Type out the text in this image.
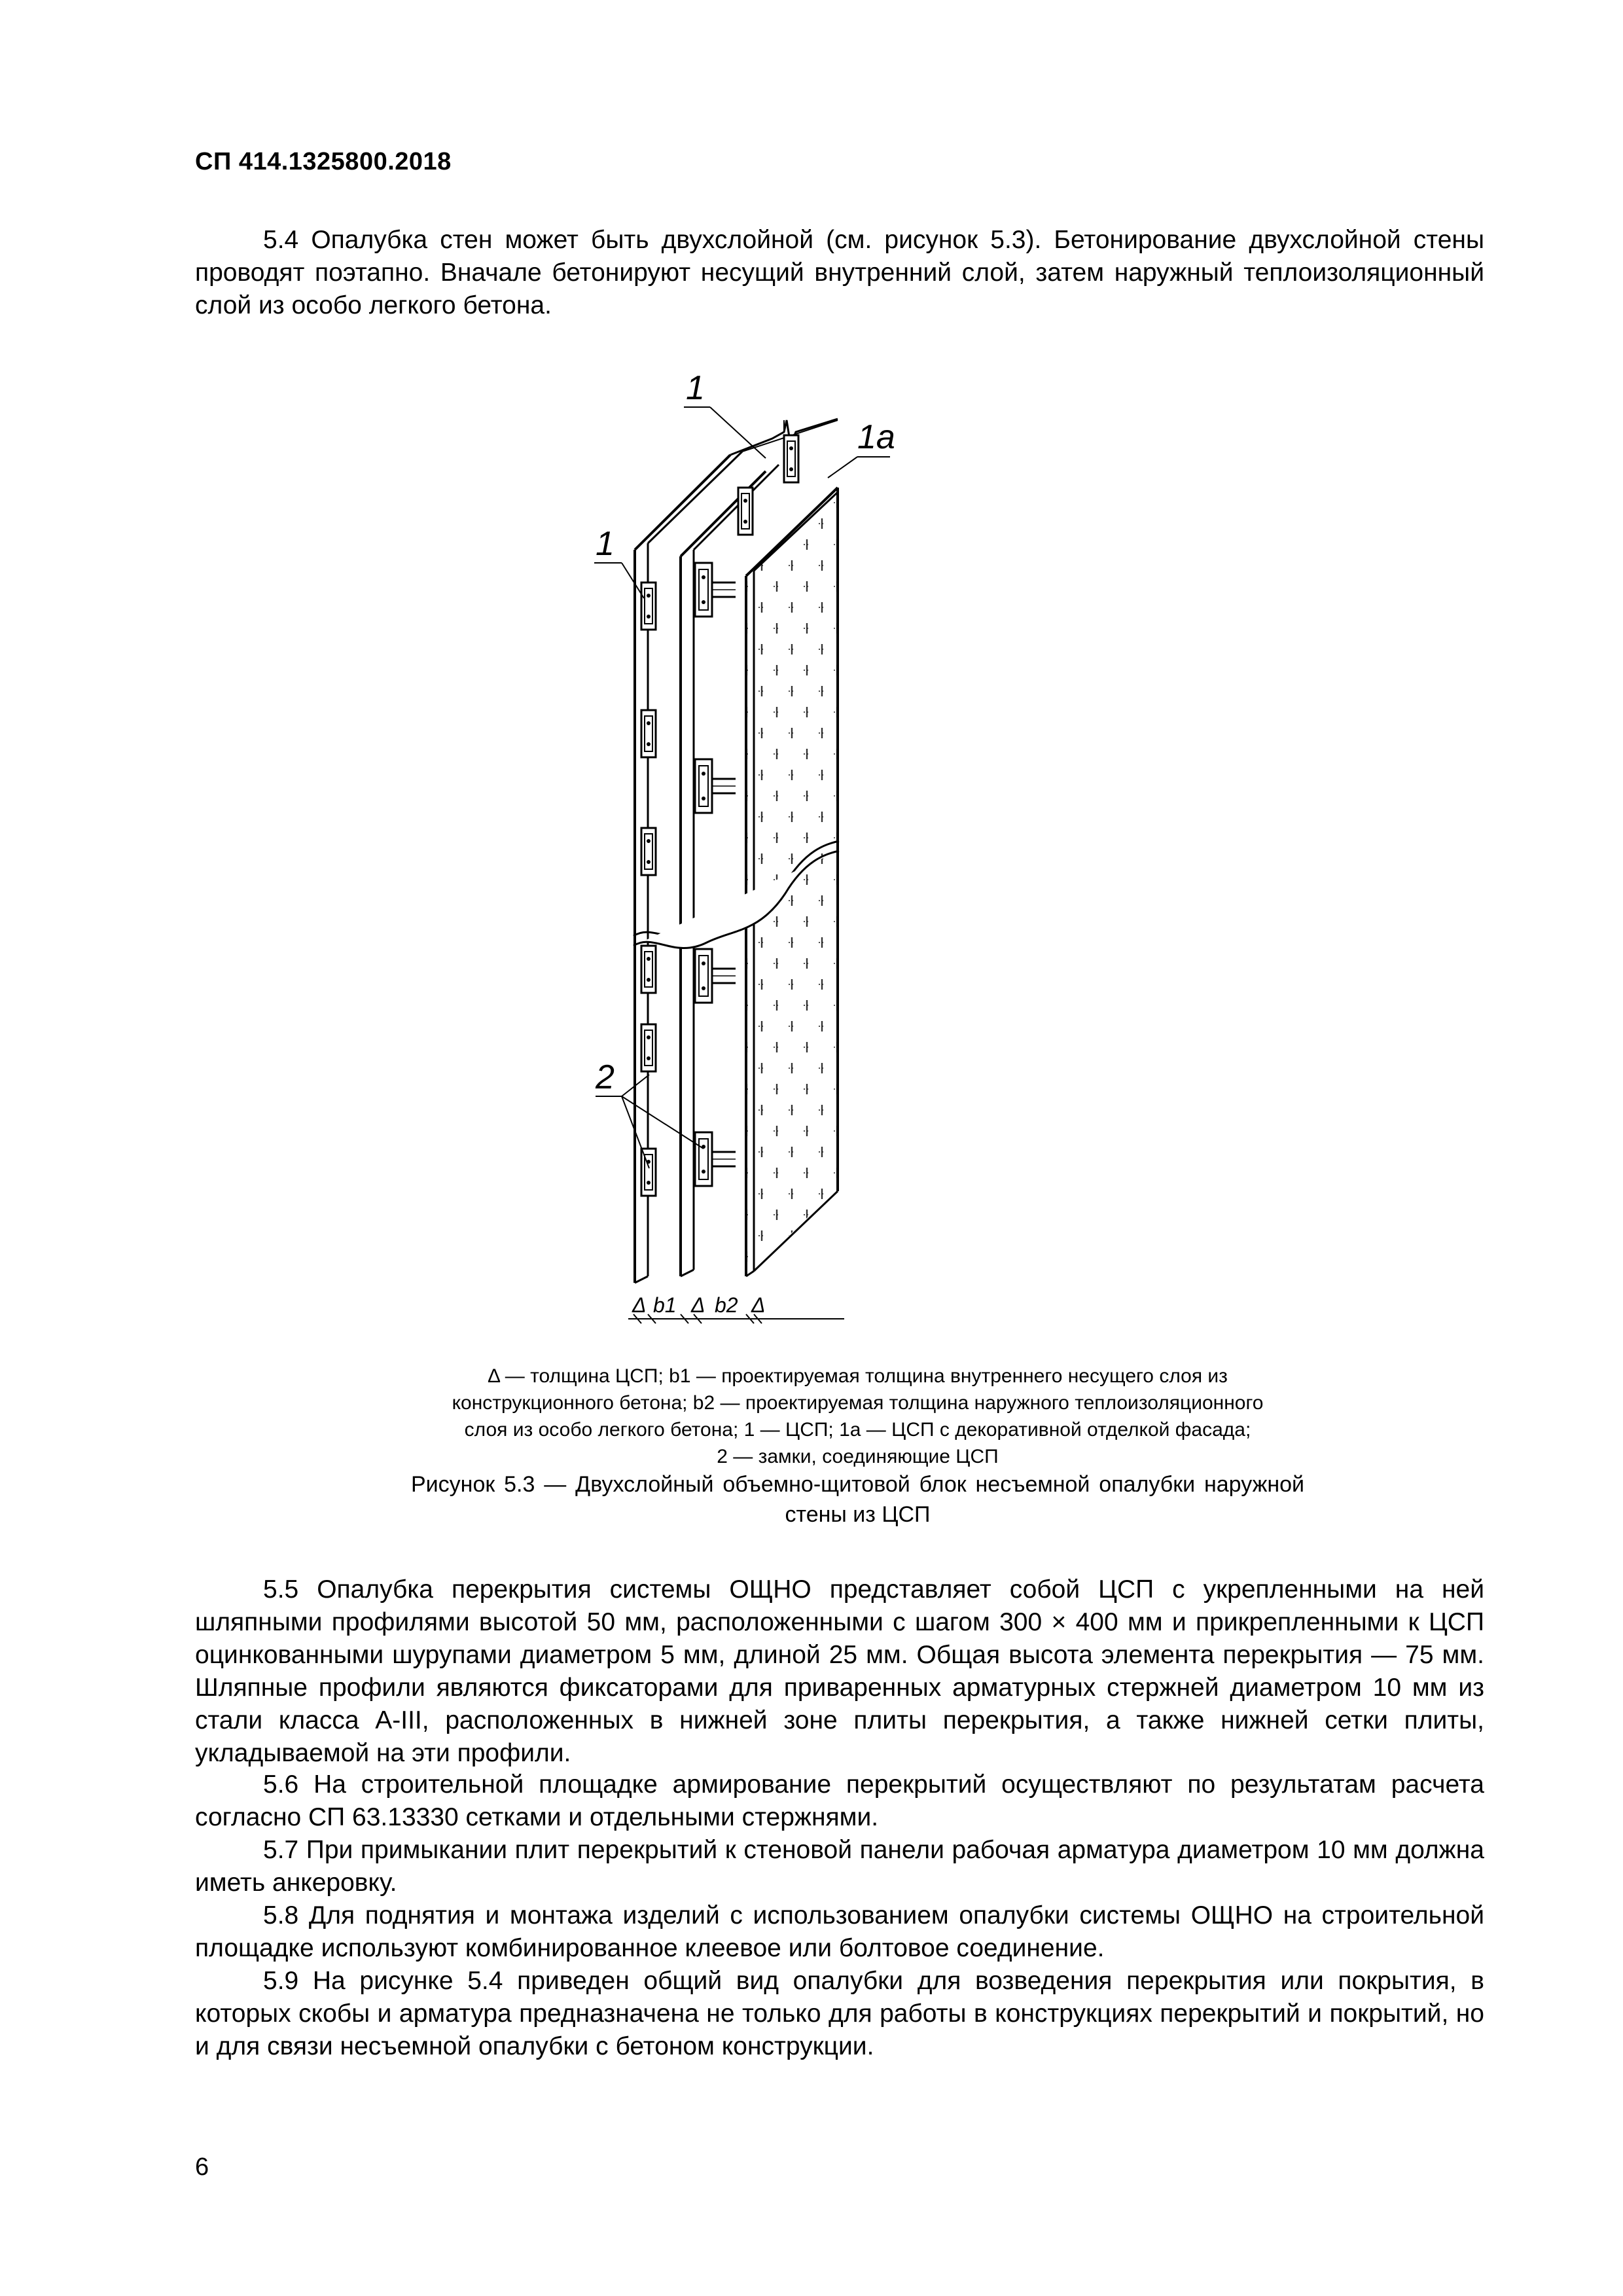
СП 414.1325800.2018

5.4 Опалубка стен может быть двухслойной (см. рисунок 5.3). Бетонирование двухслойной стены проводят поэтапно. Вначале бетонируют несущий внутренний слой, затем наружный теплоизоляционный слой из особо легкого бетона.

1
1а
1
2
Δ b1 Δ b2 Δ
Δ — толщина ЦСП; b1 — проектируемая толщина внутреннего несущего слоя из
конструкционного бетона; b2 — проектируемая толщина наружного теплоизоляционного
слоя из особо легкого бетона; 1 — ЦСП; 1а — ЦСП с декоративной отделкой фасада;
2 — замки, соединяющие ЦСП
Рисунок 5.3 — Двухслойный объемно-щитовой блок несъемной опалубки наружной стены из ЦСП

5.5 Опалубка перекрытия системы ОЩНО представляет собой ЦСП с укрепленными на ней шляпными профилями высотой 50 мм, расположенными с шагом 300 × 400 мм и прикрепленными к ЦСП оцинкованными шурупами диаметром 5 мм, длиной 25 мм. Общая высота элемента перекрытия — 75 мм. Шляпные профили являются фиксаторами для приваренных арматурных стержней диаметром 10 мм из стали класса А-III, расположенных в нижней зоне плиты перекрытия, а также нижней сетки плиты, укладываемой на эти профили.

5.6 На строительной площадке армирование перекрытий осуществляют по результатам расчета согласно СП 63.13330 сетками и отдельными стержнями.

5.7 При примыкании плит перекрытий к стеновой панели рабочая арматура диаметром 10 мм должна иметь анкеровку.

5.8 Для поднятия и монтажа изделий с использованием опалубки системы ОЩНО на строительной площадке используют комбинированное клеевое или болтовое соединение.

5.9 На рисунке 5.4 приведен общий вид опалубки для возведения перекрытия или покрытия, в которых скобы и арматура предназначена не только для работы в конструкциях перекрытий и покрытий, но и для связи несъемной опалубки с бетоном конструкции.

6
